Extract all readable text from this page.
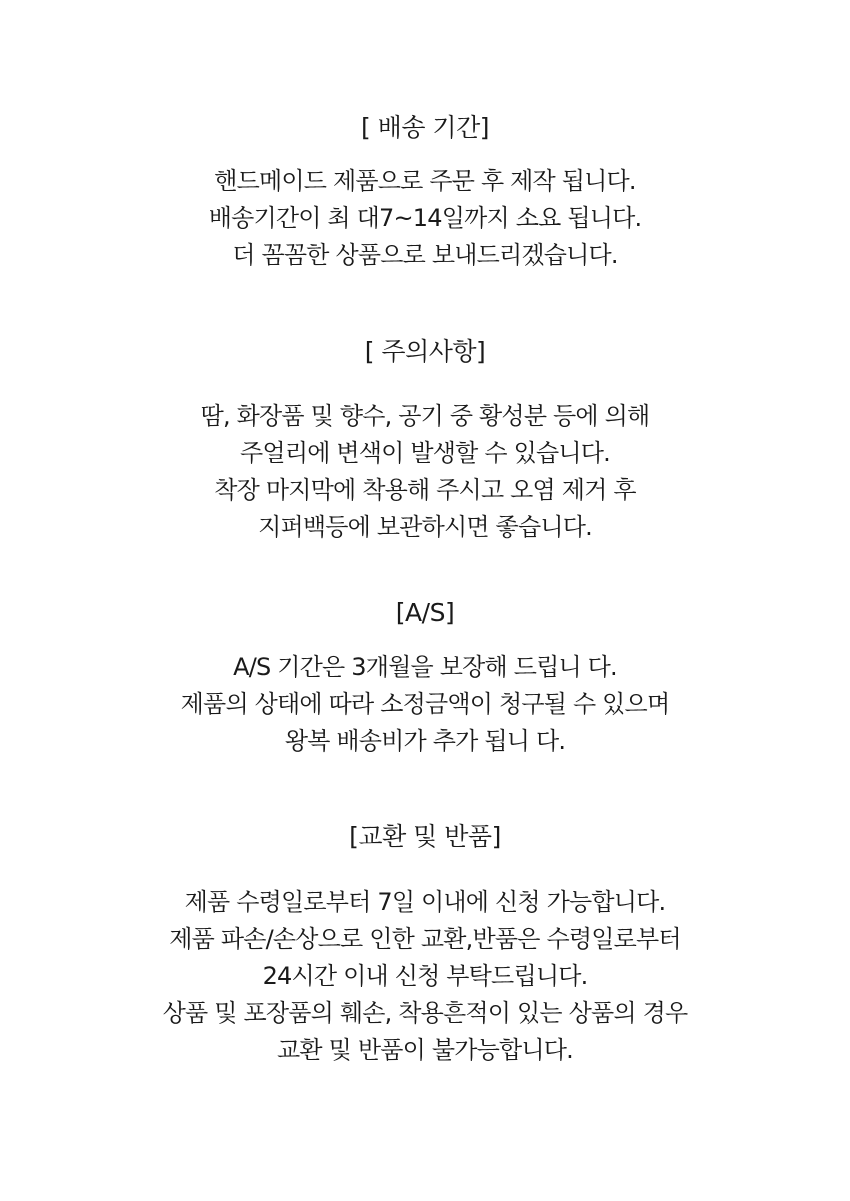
[ 배송 기간]
핸드메이드 제품으로 주문 후 제작 됩니다.
배송기간이 최 대7~14일까지 소요 됩니다.
더 꼼꼼한 상품으로 보내드리겠습니다.
[ 주의사항]
땀, 화장품 및 향수, 공기 중 황성분 등에 의해
주얼리에 변색이 발생할 수 있습니다.
착장 마지막에 착용해 주시고 오염 제거 후
지퍼백등에 보관하시면 좋습니다.
[A/S]
A/S 기간은 3개월을 보장해 드립니 다.
제품의 상태에 따라 소정금액이 청구될 수 있으며
왕복 배송비가 추가 됩니 다.
[교환 및 반품]
제품 수령일로부터 7일 이내에 신청 가능합니다.
제품 파손/손상으로 인한 교환,반품은 수령일로부터
24시간 이내 신청 부탁드립니다.
상품 및 포장품의 훼손, 착용흔적이 있는 상품의 경우
교환 및 반품이 불가능합니다.
